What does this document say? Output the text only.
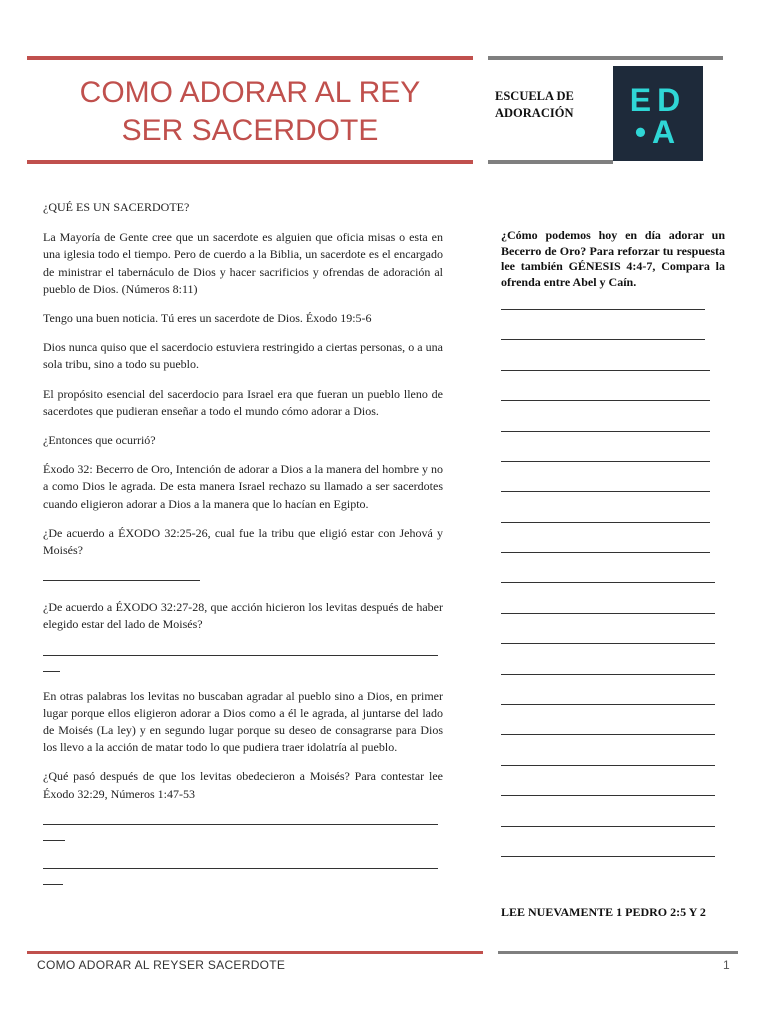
COMO ADORAR AL REY
SER SACERDOTE
ESCUELA DE
ADORACIÓN	ED
•A

¿QUÉ ES UN SACERDOTE?

La Mayoría de Gente cree que un sacerdote es alguien que oficia misas o esta en una iglesia todo el tiempo. Pero de cuerdo a la Biblia, un sacerdote es el encargado de ministrar el tabernáculo de Dios y hacer sacrificios y ofrendas de adoración al pueblo de Dios. (Números 8:11)

Tengo una buen noticia. Tú eres un sacerdote de Dios. Éxodo 19:5-6

Dios nunca quiso que el sacerdocio estuviera restringido a ciertas personas, o a una sola tribu, sino a todo su pueblo.

El propósito esencial del sacerdocio para Israel era que fueran un pueblo lleno de sacerdotes que pudieran enseñar a todo el mundo cómo adorar a Dios.

¿Entonces que ocurrió?

Éxodo 32: Becerro de Oro, Intención de adorar a Dios a la manera del hombre y no a como Dios le agrada. De esta manera Israel rechazo su llamado a ser sacerdotes cuando eligieron adorar a Dios a la manera que lo hacían en Egipto.

¿De acuerdo a ÉXODO 32:25-26, cual fue la tribu que eligió estar con Jehová y Moisés?

¿De acuerdo a ÉXODO 32:27-28, que acción hicieron los levitas después de haber elegido estar del lado de Moisés?

En otras palabras los levitas no buscaban agradar al pueblo sino a Dios, en primer lugar porque ellos eligieron adorar a Dios como a él le agrada, al juntarse del lado de Moisés (La ley) y en segundo lugar porque su deseo de consagrarse para Dios los llevo a la acción de matar todo lo que pudiera traer idolatría al pueblo.

¿Qué pasó después de que los levitas obedecieron a Moisés? Para contestar lee Éxodo 32:29, Números 1:47-53

¿Cómo podemos hoy en día adorar un Becerro de Oro? Para reforzar tu respuesta lee también GÉNESIS 4:4-7, Compara la ofrenda entre Abel y Caín.
LEE NUEVAMENTE 1 PEDRO 2:5 Y 2
COMO ADORAR AL REYSER SACERDOTE	1
